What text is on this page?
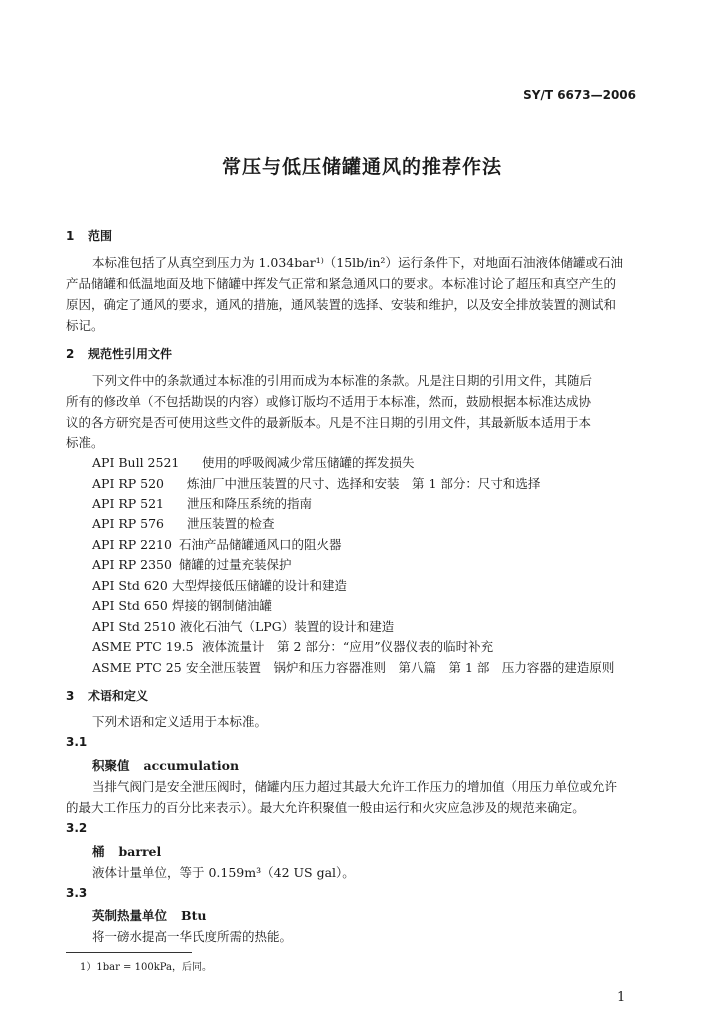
SY/T 6673—2006
常压与低压储罐通风的推荐作法
1 范围
本标准包括了从真空到压力为 1.034bar¹⁾（15lb/in²）运行条件下，对地面石油液体储罐或石油
产品储罐和低温地面及地下储罐中挥发气正常和紧急通风口的要求。本标准讨论了超压和真空产生的
原因，确定了通风的要求，通风的措施，通风装置的选择、安装和维护，以及安全排放装置的测试和
标记。
2 规范性引用文件
下列文件中的条款通过本标准的引用而成为本标准的条款。凡是注日期的引用文件，其随后
所有的修改单（不包括勘误的内容）或修订版均不适用于本标准，然而，鼓励根据本标准达成协
议的各方研究是否可使用这些文件的最新版本。凡是不注日期的引用文件，其最新版本适用于本
标准。
API Bull 2521 使用的呼吸阀减少常压储罐的挥发损失
API RP 520 炼油厂中泄压装置的尺寸、选择和安装　第 1 部分：尺寸和选择
API RP 521 泄压和降压系统的指南
API RP 576 泄压装置的检查
API RP 2210 石油产品储罐通风口的阻火器
API RP 2350 储罐的过量充装保护
API Std 620 大型焊接低压储罐的设计和建造
API Std 650 焊接的钢制储油罐
API Std 2510 液化石油气（LPG）装置的设计和建造
ASME PTC 19.5 液体流量计　第 2 部分：“应用”仪器仪表的临时补充
ASME PTC 25 安全泄压装置　锅炉和压力容器准则　第八篇　第 1 部　压力容器的建造原则
3 术语和定义
下列术语和定义适用于本标准。
3.1
积聚值 accumulation
当排气阀门是安全泄压阀时，储罐内压力超过其最大允许工作压力的增加值（用压力单位或允许
的最大工作压力的百分比来表示）。最大允许积聚值一般由运行和火灾应急涉及的规范来确定。
3.2
桶 barrel
液体计量单位，等于 0.159m³（42 US gal）。
3.3
英制热量单位 Btu
将一磅水提高一华氏度所需的热能。
1）1bar = 100kPa，后同。
1
